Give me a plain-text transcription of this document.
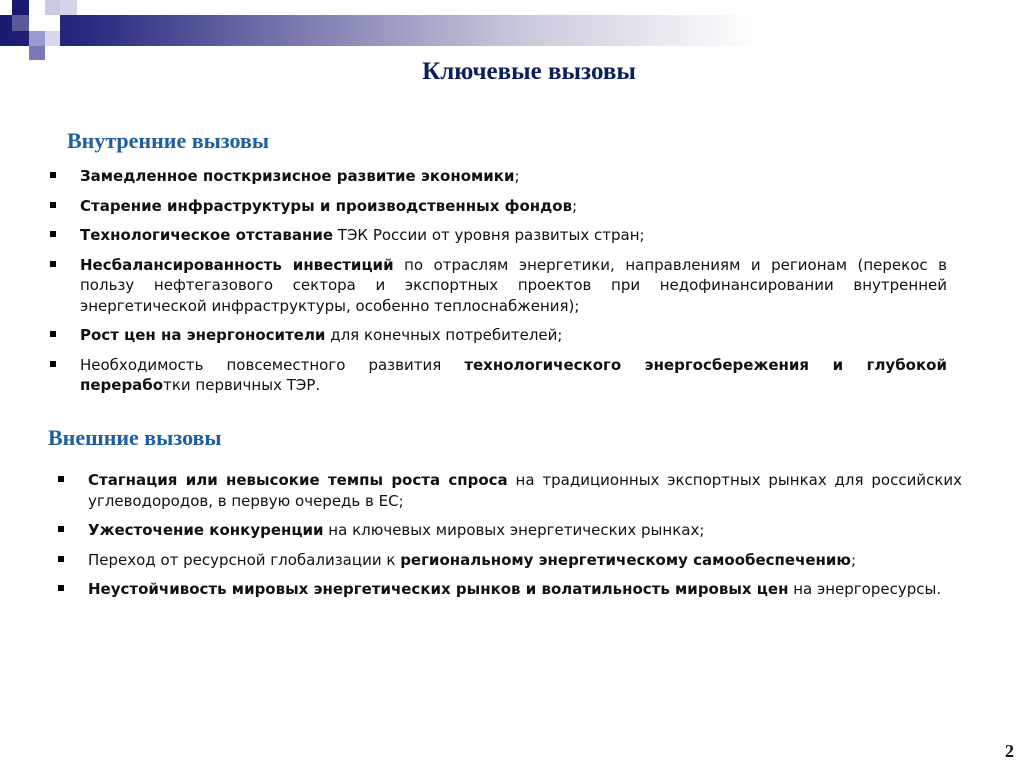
Ключевые вызовы
Внутренние вызовы
Замедленное посткризисное развитие экономики;
Старение инфраструктуры и производственных фондов;
Технологическое отставание ТЭК России от уровня развитых стран;
Несбалансированность инвестиций по отраслям энергетики, направлениям и регионам (перекос в пользу нефтегазового сектора и экспортных проектов при недофинансировании внутренней энергетической инфраструктуры, особенно теплоснабжения);
Рост цен на энергоносители для конечных потребителей;
Необходимость повсеместного развития технологического энергосбережения и глубокой переработки первичных ТЭР.
Внешние вызовы
Стагнация или невысокие темпы роста спроса на традиционных экспортных рынках для российских углеводородов, в первую очередь в ЕС;
Ужесточение конкуренции на ключевых мировых энергетических рынках;
Переход от ресурсной глобализации к региональному энергетическому самообеспечению;
Неустойчивость мировых энергетических рынков и волатильность мировых цен на энергоресурсы.
2
